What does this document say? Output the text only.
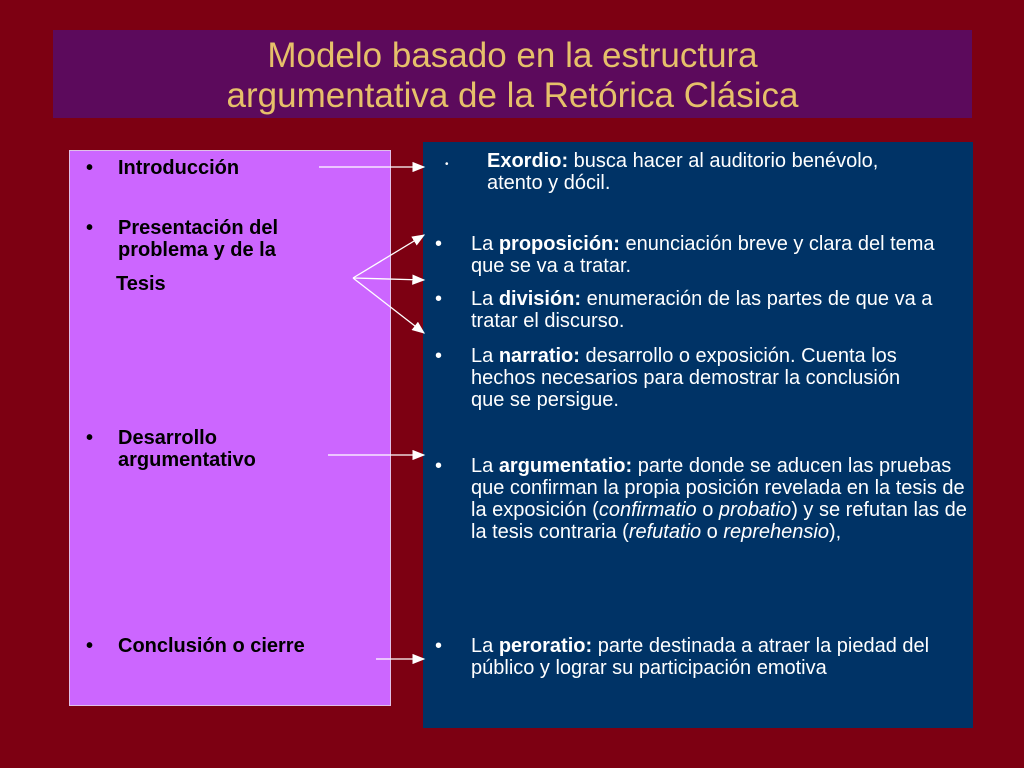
Modelo basado en la estructura
argumentativa de la Retórica Clásica
• Introducción
• Presentación del problema y de la
Tesis
• Desarrollo argumentativo
• Conclusión o cierre
• Exordio: busca hacer al auditorio benévolo, atento y dócil.
• La proposición: enunciación breve y clara del tema que se va a tratar.
• La división: enumeración de las partes de que va a tratar el discurso.
• La narratio: desarrollo o exposición. Cuenta los hechos necesarios para demostrar la conclusión que se persigue.
• La argumentatio: parte donde se aducen las pruebas que confirman la propia posición revelada en la tesis de la exposición (confirmatio o probatio) y se refutan las de la tesis contraria (refutatio o reprehensio),
• La peroratio: parte destinada a atraer la piedad del público y lograr su participación emotiva
